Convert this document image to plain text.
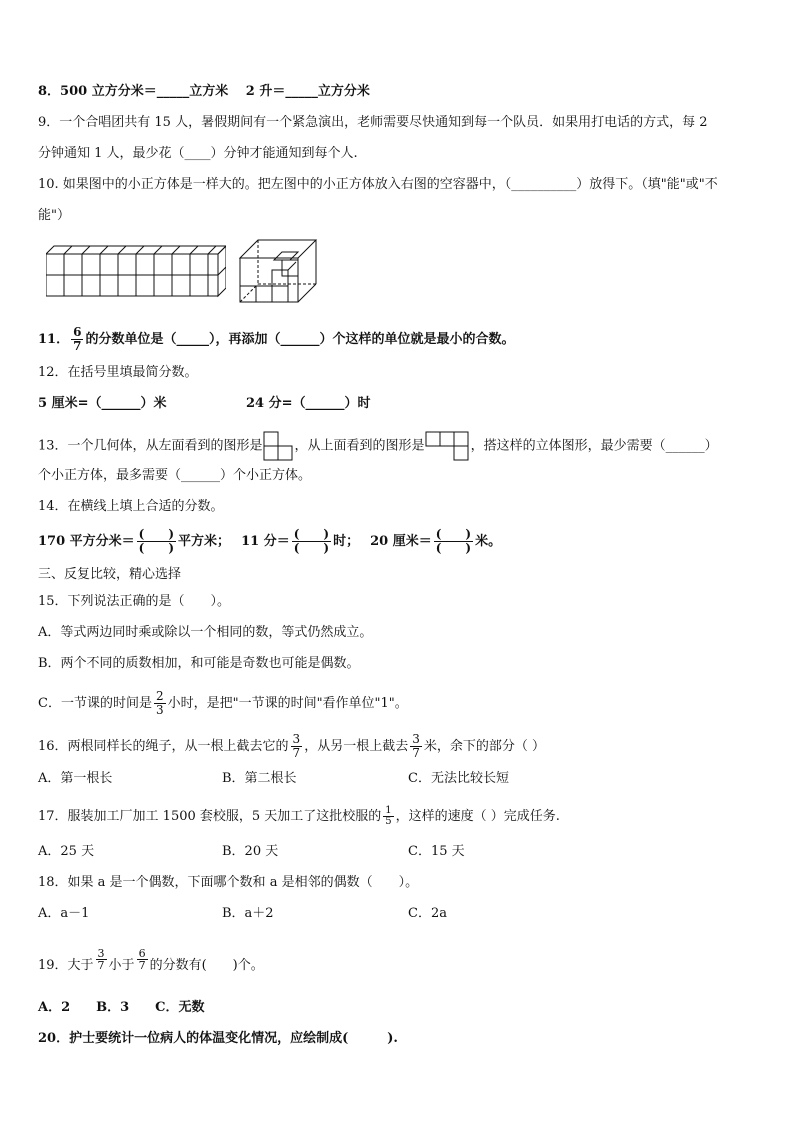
8．500 立方分米＝_____立方米　 2 升＝_____立方分米
9．一个合唱团共有 15 人，暑假期间有一个紧急演出，老师需要尽快通知到每一个队员．如果用打电话的方式，每 2
分钟通知 1 人，最少花（____）分钟才能通知到每个人.
10. 如果图中的小正方体是一样大的。把左图中的小正方体放入右图的空容器中，（__________）放得下。（填"能"或"不
能"）
11． $\frac{6}{7}$ 的分数单位是（_____），再添加（______）个这样的单位就是最小的合数。
12．在括号里填最简分数。
5 厘米=（______）米	24 分=（______）时
13．一个几何体，从左面看到的图形是 ，从上面看到的图形是	，搭这样的立体图形，最少需要（______）
个小正方体，最多需要（______）个小正方体。
14．在横线上填上合适的分数。
170 平方分米＝ $\frac{( )}{( )}$ 平方米；　 11 分＝ $\frac{( )}{( )}$ 时；　 20 厘米＝ $\frac{( )}{( )}$ 米。
三、反复比较，精心选择
15．下列说法正确的是（　　）。
A．等式两边同时乘或除以一个相同的数，等式仍然成立。
B．两个不同的质数相加，和可能是奇数也可能是偶数。
C．一节课的时间是 $\frac{2}{3}$ 小时，是把"一节课的时间"看作单位"1"。
16．两根同样长的绳子，从一根上截去它的 $\frac{3}{7}$ ，从另一根上截去 $\frac{3}{7}$ 米，余下的部分（ ）
A．第一根长	B．第二根长	C．无法比较长短
17．服装加工厂加工 1500 套校服，5 天加工了这批校服的 $\frac{1}{5}$ ，这样的速度（ ）完成任务.
A．25 天	B．20 天	C．15 天
18．如果 a 是一个偶数，下面哪个数和 a 是相邻的偶数（　　）。
A．a－1	B．a＋2	C．2a
19．大于 $\frac{3}{7}$ 小于 $\frac{6}{7}$ 的分数有(　　)个。
A．2　　B．3　　C．无数
20．护士要统计一位病人的体温变化情况，应绘制成(　　　).
